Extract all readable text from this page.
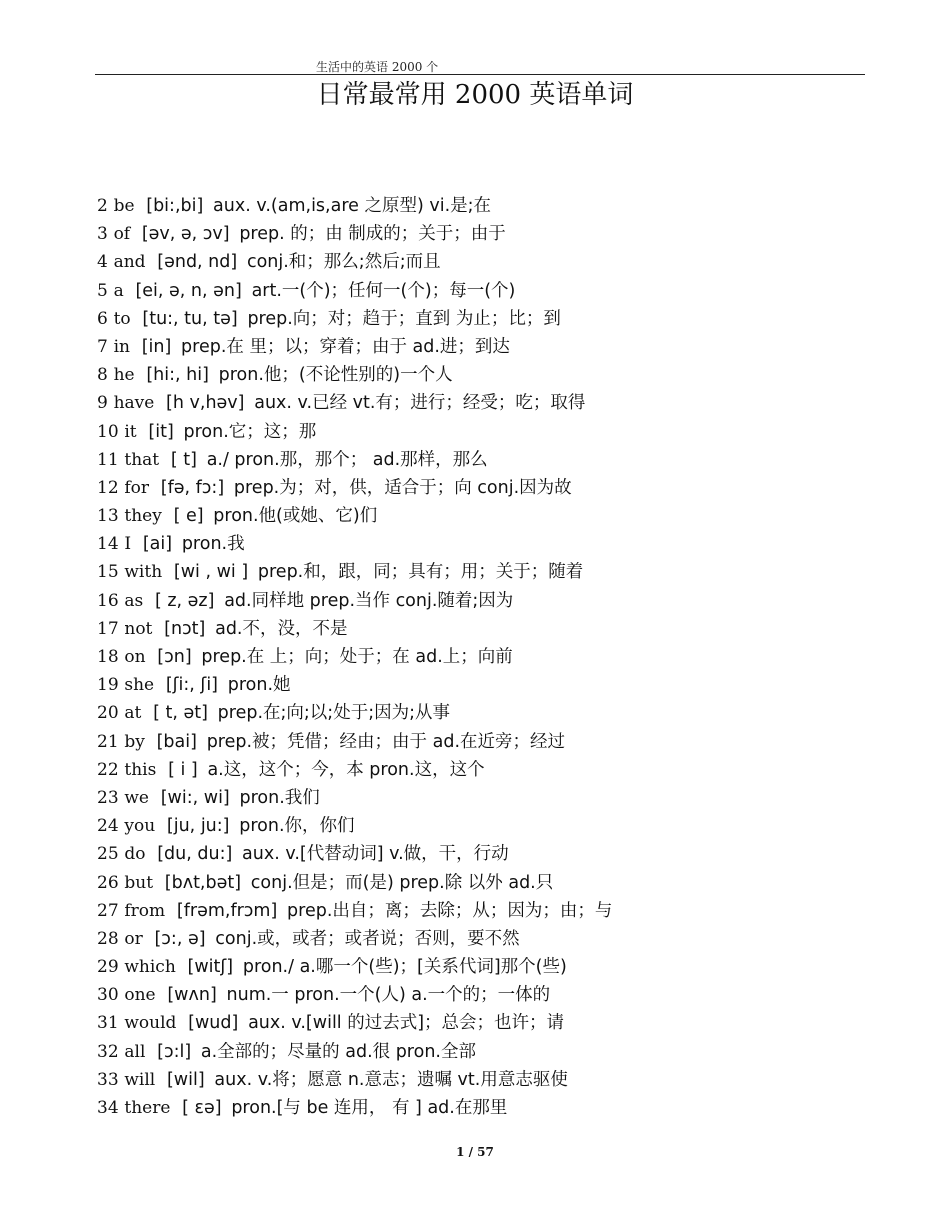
生活中的英语 2000 个
日常最常用 2000 英语单词
2 be [bi:,bi] aux. v.(am,is,are 之原型) vi.是;在
3 of [əv, ə, ɔv] prep. 的；由 制成的；关于；由于
4 and [ənd, nd] conj.和；那么;然后;而且
5 a [ei, ə, n, ən] art.一(个)；任何一(个)；每一(个)
6 to [tu:, tu, tə] prep.向；对；趋于；直到 为止；比；到
7 in [in] prep.在 里；以；穿着；由于 ad.进；到达
8 he [hi:, hi] pron.他；(不论性别的)一个人
9 have [h v,həv] aux. v.已经 vt.有；进行；经受；吃；取得
10 it [it] pron.它；这；那
11 that [ t] a./ pron.那，那个； ad.那样，那么
12 for [fə, fɔ:] prep.为；对，供，适合于；向 conj.因为故
13 they [ e] pron.他(或她、它)们
14 I [ai] pron.我
15 with [wi , wi ] prep.和，跟，同；具有；用；关于；随着
16 as [ z, əz] ad.同样地 prep.当作 conj.随着;因为
17 not [nɔt] ad.不，没，不是
18 on [ɔn] prep.在 上；向；处于；在 ad.上；向前
19 she [ʃi:, ʃi] pron.她
20 at [ t, ət] prep.在;向;以;处于;因为;从事
21 by [bai] prep.被；凭借；经由；由于 ad.在近旁；经过
22 this [ i ] a.这，这个；今，本 pron.这，这个
23 we [wi:, wi] pron.我们
24 you [ju, ju:] pron.你，你们
25 do [du, du:] aux. v.[代替动词] v.做，干，行动
26 but [bʌt,bət] conj.但是；而(是) prep.除 以外 ad.只
27 from [frəm,frɔm] prep.出自；离；去除；从；因为；由；与
28 or [ɔ:, ə] conj.或，或者；或者说；否则，要不然
29 which [witʃ] pron./ a.哪一个(些)；[关系代词]那个(些)
30 one [wʌn] num.一 pron.一个(人) a.一个的；一体的
31 would [wud] aux. v.[will 的过去式]；总会；也许；请
32 all [ɔ:l] a.全部的；尽量的 ad.很 pron.全部
33 will [wil] aux. v.将；愿意 n.意志；遗嘱 vt.用意志驱使
34 there [ ɛə] pron.[与 be 连用， 有 ] ad.在那里
1 / 57
